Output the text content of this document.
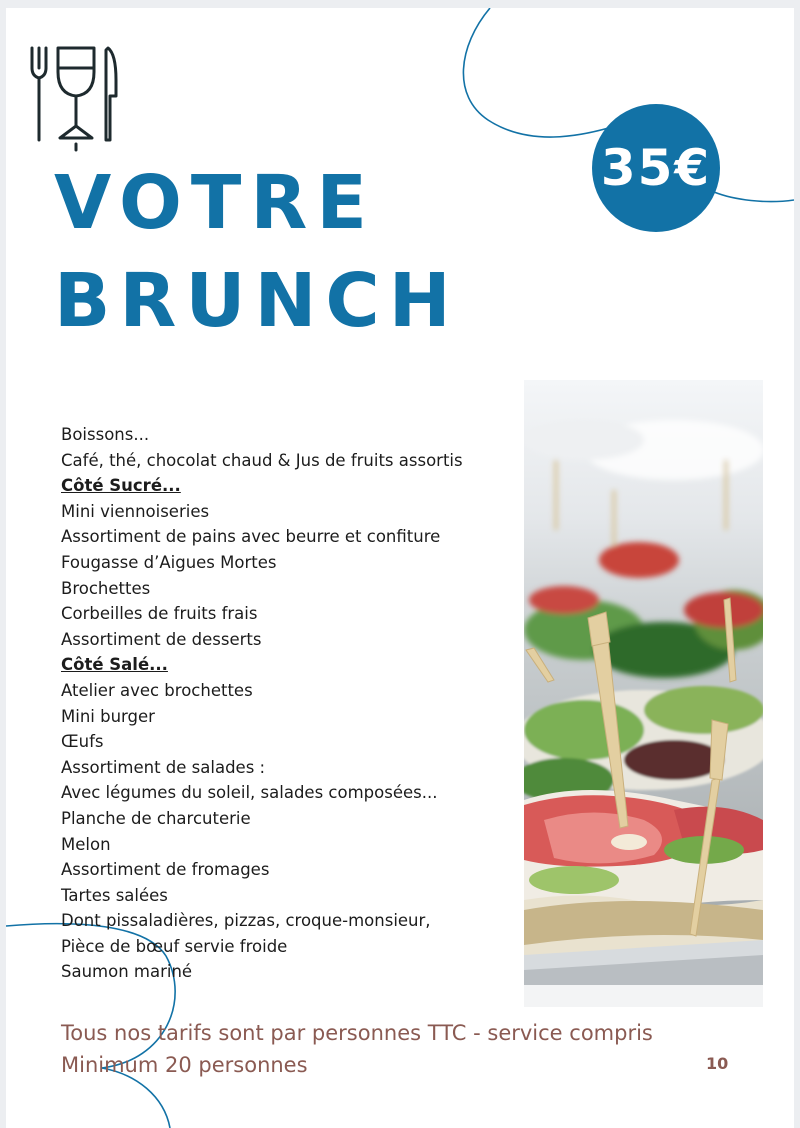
35€
VOTRE
BRUNCH
Boissons...
Café, thé, chocolat chaud & Jus de fruits assortis
Côté Sucré...
Mini viennoiseries
Assortiment de pains avec beurre et confiture
Fougasse d’Aigues Mortes
Brochettes
Corbeilles de fruits frais
Assortiment de desserts
Côté Salé...
Atelier avec brochettes
Mini burger
Œufs
Assortiment de salades :
Avec légumes du soleil, salades composées...
Planche de charcuterie
Melon
Assortiment de fromages
Tartes salées
Dont pissaladières, pizzas, croque-monsieur,
Pièce de bœuf servie froide
Saumon mariné
Tous nos tarifs sont par personnes TTC - service compris
Minimum 20 personnes	10
